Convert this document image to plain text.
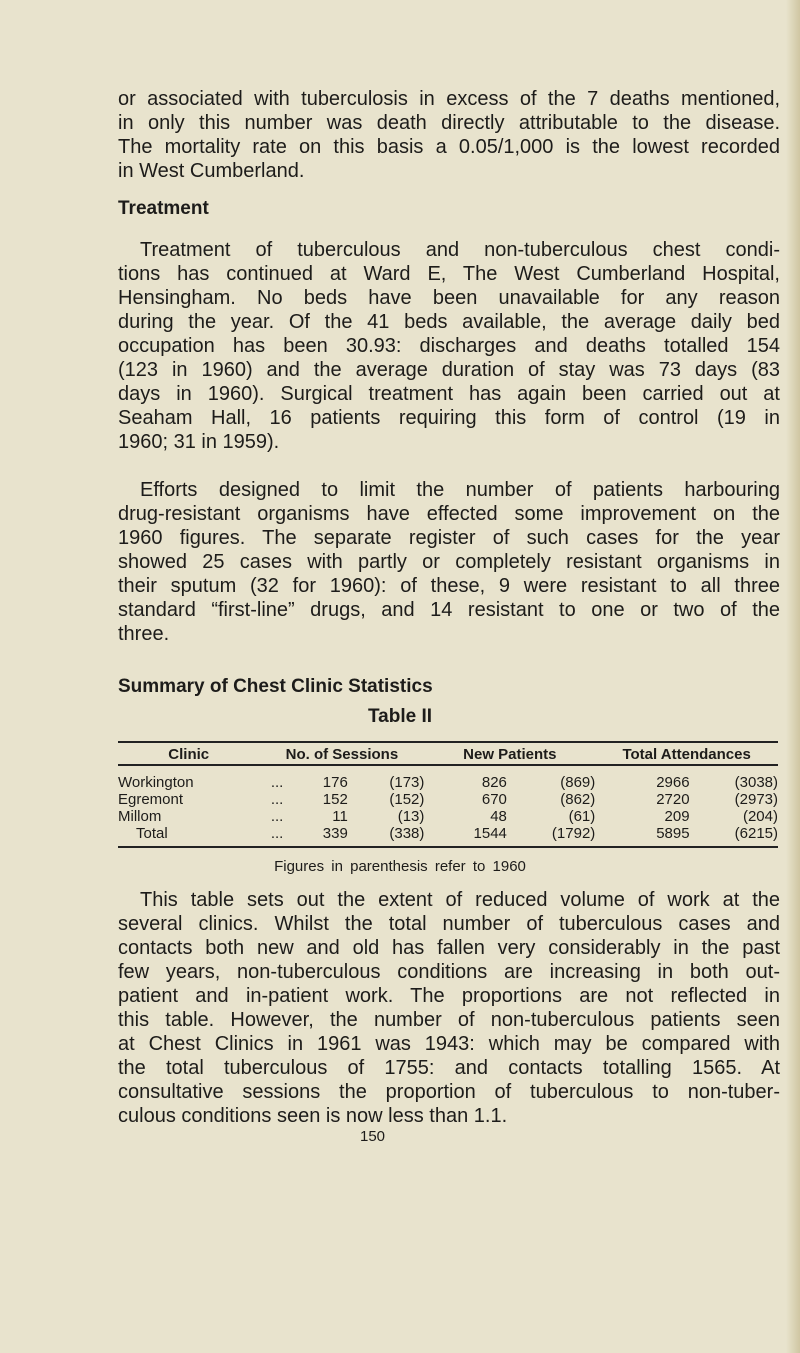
or associated with tuberculosis in excess of the 7 deaths mentioned,
in only this number was death directly attributable to the disease.
The mortality rate on this basis a 0.05/1,000 is the lowest recorded
in West Cumberland.
Treatment of tuberculous and non-tuberculous chest condi-
tions has continued at Ward E, The West Cumberland Hospital,
Hensingham. No beds have been unavailable for any reason
during the year. Of the 41 beds available, the average daily bed
occupation has been 30.93: discharges and deaths totalled 154
(123 in 1960) and the average duration of stay was 73 days (83
days in 1960). Surgical treatment has again been carried out at
Seaham Hall, 16 patients requiring this form of control (19 in
1960; 31 in 1959).
Efforts designed to limit the number of patients harbouring
drug-resistant organisms have effected some improvement on the
1960 figures. The separate register of such cases for the year
showed 25 cases with partly or completely resistant organisms in
their sputum (32 for 1960): of these, 9 were resistant to all three
standard “first-line” drugs, and 14 resistant to one or two of the
three.
This table sets out the extent of reduced volume of work at the
several clinics. Whilst the total number of tuberculous cases and
contacts both new and old has fallen very considerably in the past
few years, non-tuberculous conditions are increasing in both out-
patient and in-patient work. The proportions are not reflected in
this table. However, the number of non-tuberculous patients seen
at Chest Clinics in 1961 was 1943: which may be compared with
the total tuberculous of 1755: and contacts totalling 1565. At
consultative sessions the proportion of tuberculous to non-tuber-
culous conditions seen is now less than 1.1.
Treatment
Summary of Chest Clinic Statistics
Table II
Clinic	No. of Sessions			New Patients		Total Attendances	

Workington	...	176	(173)	826	(869)	2966	(3038)
Egremont	...	152	(152)	670	(862)	2720	(2973)
Millom	...	11	(13)	48	(61)	209	(204)
Total	...	339	(338)	1544	(1792)	5895	(6215)
Figures in parenthesis refer to 1960
150
